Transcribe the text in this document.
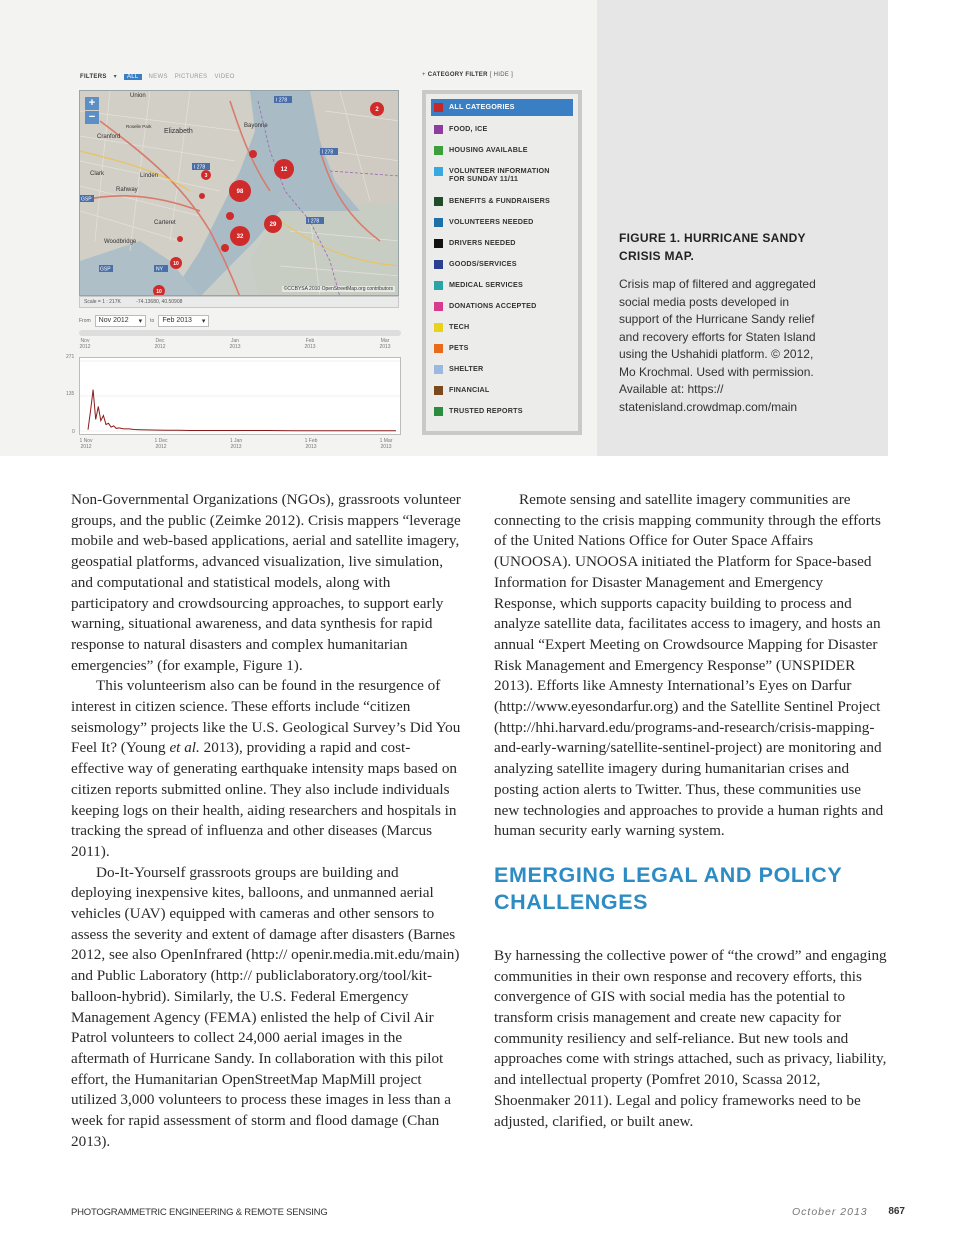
FILTERS ▾	ALL	NEWS PICTURES VIDEO
Union
Elizabeth
Cranford
Roselle Park	Bayonne
Linden
Rahway
Clark
Carteret
Woodbridge
I 278
I 278
I 278
I 278
GSP
GSP	NY
2
12
3
98
29
32
10
10
+
−
©CCBYSA 2010 OpenStreetMap.org contributors
Scale = 1 : 217K	-74.13680, 40.50908
From Nov 2012 ▾ to Feb 2013 ▾
Nov 2012
Dec 2012
Jan 2013
Feb 2013
Mar 2013
271
135
0
1 Nov 2012
1 Dec 2012
1 Jan 2013
1 Feb 2013
1 Mar 2013
+ CATEGORY FILTER [ HIDE ]
ALL CATEGORIES
FOOD, ICE
HOUSING AVAILABLE
VOLUNTEER INFORMATION FOR SUNDAY 11/11
BENEFITS & FUNDRAISERS
VOLUNTEERS NEEDED
DRIVERS NEEDED
GOODS/SERVICES
MEDICAL SERVICES
DONATIONS ACCEPTED
TECH
PETS
SHELTER
FINANCIAL
TRUSTED REPORTS
FIGURE 1. HURRICANE SANDY CRISIS MAP.
Crisis map of filtered and aggregated social media posts developed in support of the Hurricane Sandy relief and recovery efforts for Staten Island using the Ushahidi platform. © 2012, Mo Krochmal. Used with permission. Available at: https:// statenisland.crowdmap.com/main

Non-Governmental Organizations (NGOs), grassroots volunteer groups, and the public (Zeimke 2012). Crisis mappers “leverage mobile and web-based applications, aerial and satellite imagery, geospatial platforms, advanced visualization, live simulation, and computational and statistical models, along with participatory and crowdsourcing approaches, to support early warning, situational awareness, and data synthesis for rapid response to natural disasters and complex humanitarian emergencies” (for example, Figure 1).

This volunteerism also can be found in the resurgence of interest in citizen science. These efforts include “citizen seismology” projects like the U.S. Geological Survey’s Did You Feel It? (Young et al. 2013), providing a rapid and cost-effective way of generating earthquake intensity maps based on citizen reports submitted online. They also include individuals keeping logs on their health, aiding researchers and hospitals in tracking the spread of influenza and other diseases (Marcus 2011).

Do-It-Yourself grassroots groups are building and deploying inexpensive kites, balloons, and unmanned aerial vehicles (UAV) equipped with cameras and other sensors to assess the severity and extent of damage after disasters (Barnes 2012, see also OpenInfrared (http:// openir.media.mit.edu/main) and Public Laboratory (http:// publiclaboratory.org/tool/kit-balloon-hybrid). Similarly, the U.S. Federal Emergency Management Agency (FEMA) enlisted the help of Civil Air Patrol volunteers to collect 24,000 aerial images in the aftermath of Hurricane Sandy. In collaboration with this pilot effort, the Humanitarian OpenStreetMap MapMill project utilized 3,000 volunteers to process these images in less than a week for rapid assessment of storm and flood damage (Chan 2013).

Remote sensing and satellite imagery communities are connecting to the crisis mapping community through the efforts of the United Nations Office for Outer Space Affairs (UNOOSA). UNOOSA initiated the Platform for Space-based Information for Disaster Management and Emergency Response, which supports capacity building to process and analyze satellite data, facilitates access to imagery, and hosts an annual “Expert Meeting on Crowdsource Mapping for Disaster Risk Management and Emergency Response” (UNSPIDER 2013). Efforts like Amnesty International’s Eyes on Darfur (http://www.eyesondarfur.org) and the Satellite Sentinel Project (http://hhi.harvard.edu/programs-and-research/crisis-mapping-and-early-warning/satellite-sentinel-project) are monitoring and analyzing satellite imagery during humanitarian crises and posting action alerts to Twitter. Thus, these communities use new technologies and approaches to provide a human rights and human security early warning system.

EMERGING LEGAL AND POLICY CHALLENGES

By harnessing the collective power of “the crowd” and engaging communities in their own response and recovery efforts, this convergence of GIS with social media has the potential to transform crisis management and create new capacity for community resiliency and self-reliance. But new tools and approaches come with strings attached, such as privacy, liability, and intellectual property (Pomfret 2010, Scassa 2012, Shoenmaker 2011). Legal and policy frameworks need to be adjusted, clarified, or built anew.

PHOTOGRAMMETRIC ENGINEERING & REMOTE SENSING	October 2013 867
